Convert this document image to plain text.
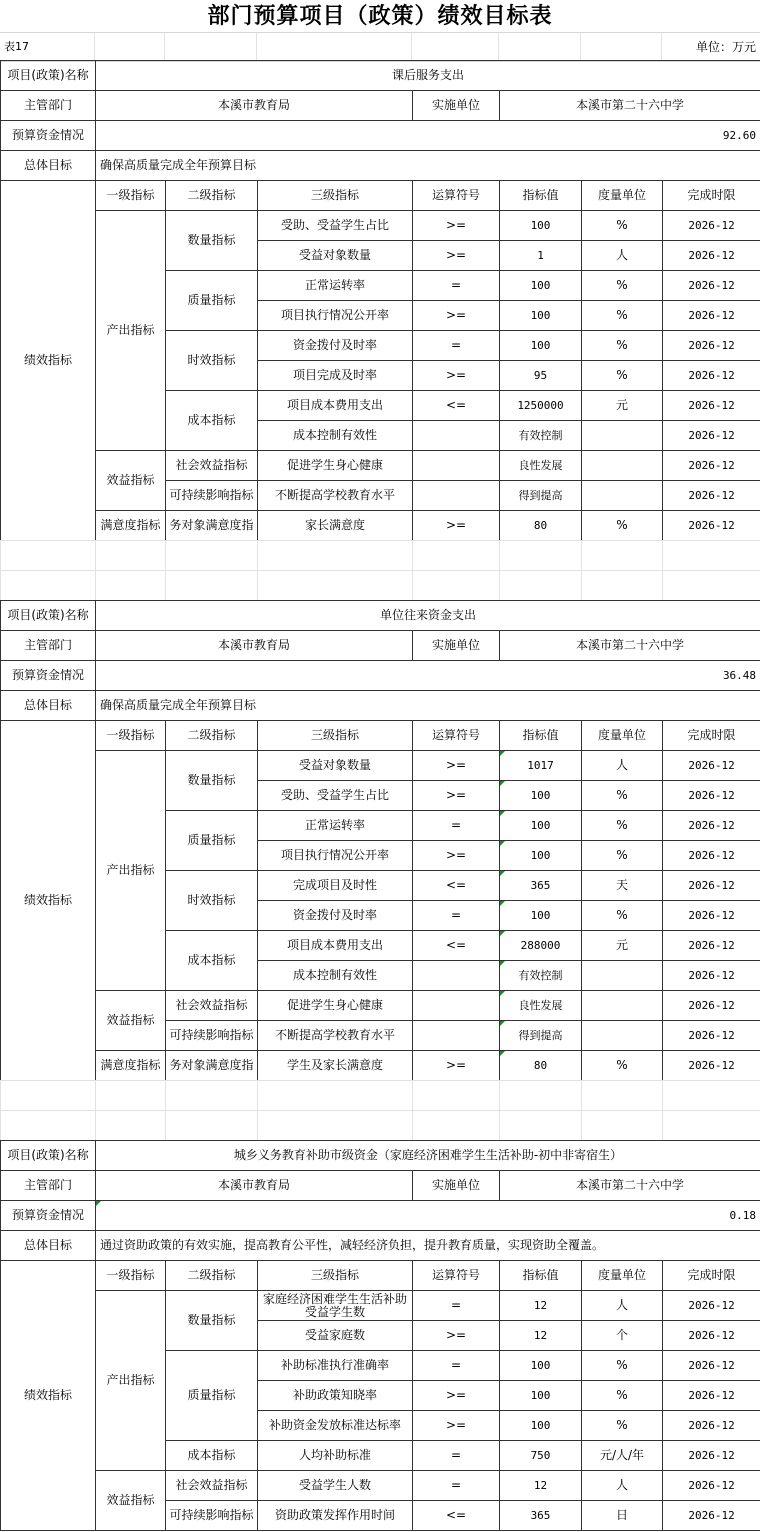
部门预算项目（政策）绩效目标表
表17	单位：万元
项目(政策)名称	课后服务支出						
主管部门	本溪市教育局			实施单位	本溪市第二十六中学		
预算资金情况	92.60						
总体目标	确保高质量完成全年预算目标						
绩效指标	一级指标	二级指标	三级指标	运算符号	指标值	度量单位	完成时限
	产出指标	数量指标	受助、受益学生占比	>=	100	%	2026-12
			受益对象数量	>=	1	人	2026-12
		质量指标	正常运转率	=	100	%	2026-12
			项目执行情况公开率	>=	100	%	2026-12
		时效指标	资金拨付及时率	=	100	%	2026-12
			项目完成及时率	>=	95	%	2026-12
		成本指标	项目成本费用支出	<=	1250000	元	2026-12
			成本控制有效性		有效控制		2026-12
	效益指标	社会效益指标	促进学生身心健康		良性发展		2026-12
		可持续影响指标	不断提高学校教育水平		得到提高		2026-12
	满意度指标	务对象满意度指	家长满意度	>=	80	%	2026-12

项目(政策)名称	单位往来资金支出						
主管部门	本溪市教育局			实施单位	本溪市第二十六中学		
预算资金情况	36.48						
总体目标	确保高质量完成全年预算目标						
绩效指标	一级指标	二级指标	三级指标	运算符号	指标值	度量单位	完成时限
	产出指标	数量指标	受益对象数量	>=	1017	人	2026-12
			受助、受益学生占比	>=	100	%	2026-12
		质量指标	正常运转率	=	100	%	2026-12
			项目执行情况公开率	>=	100	%	2026-12
		时效指标	完成项目及时性	<=	365	天	2026-12
			资金拨付及时率	=	100	%	2026-12
		成本指标	项目成本费用支出	<=	288000	元	2026-12
			成本控制有效性		有效控制		2026-12
	效益指标	社会效益指标	促进学生身心健康		良性发展		2026-12
		可持续影响指标	不断提高学校教育水平		得到提高		2026-12
	满意度指标	务对象满意度指	学生及家长满意度	>=	80	%	2026-12

项目(政策)名称	城乡义务教育补助市级资金（家庭经济困难学生生活补助-初中非寄宿生）						
主管部门	本溪市教育局			实施单位	本溪市第二十六中学		
预算资金情况	0.18						
总体目标	通过资助政策的有效实施，提高教育公平性，减轻经济负担，提升教育质量，实现资助全覆盖。						
绩效指标	一级指标	二级指标	三级指标	运算符号	指标值	度量单位	完成时限
	产出指标	数量指标	家庭经济困难学生生活补助受益学生数	=	12	人	2026-12
			受益家庭数	>=	12	个	2026-12
		质量指标	补助标准执行准确率	=	100	%	2026-12
			补助政策知晓率	>=	100	%	2026-12
			补助资金发放标准达标率	>=	100	%	2026-12
		成本指标	人均补助标准	=	750	元/人/年	2026-12
	效益指标	社会效益指标	受益学生人数	=	12	人	2026-12
		可持续影响指标	资助政策发挥作用时间	<=	365	日	2026-12
